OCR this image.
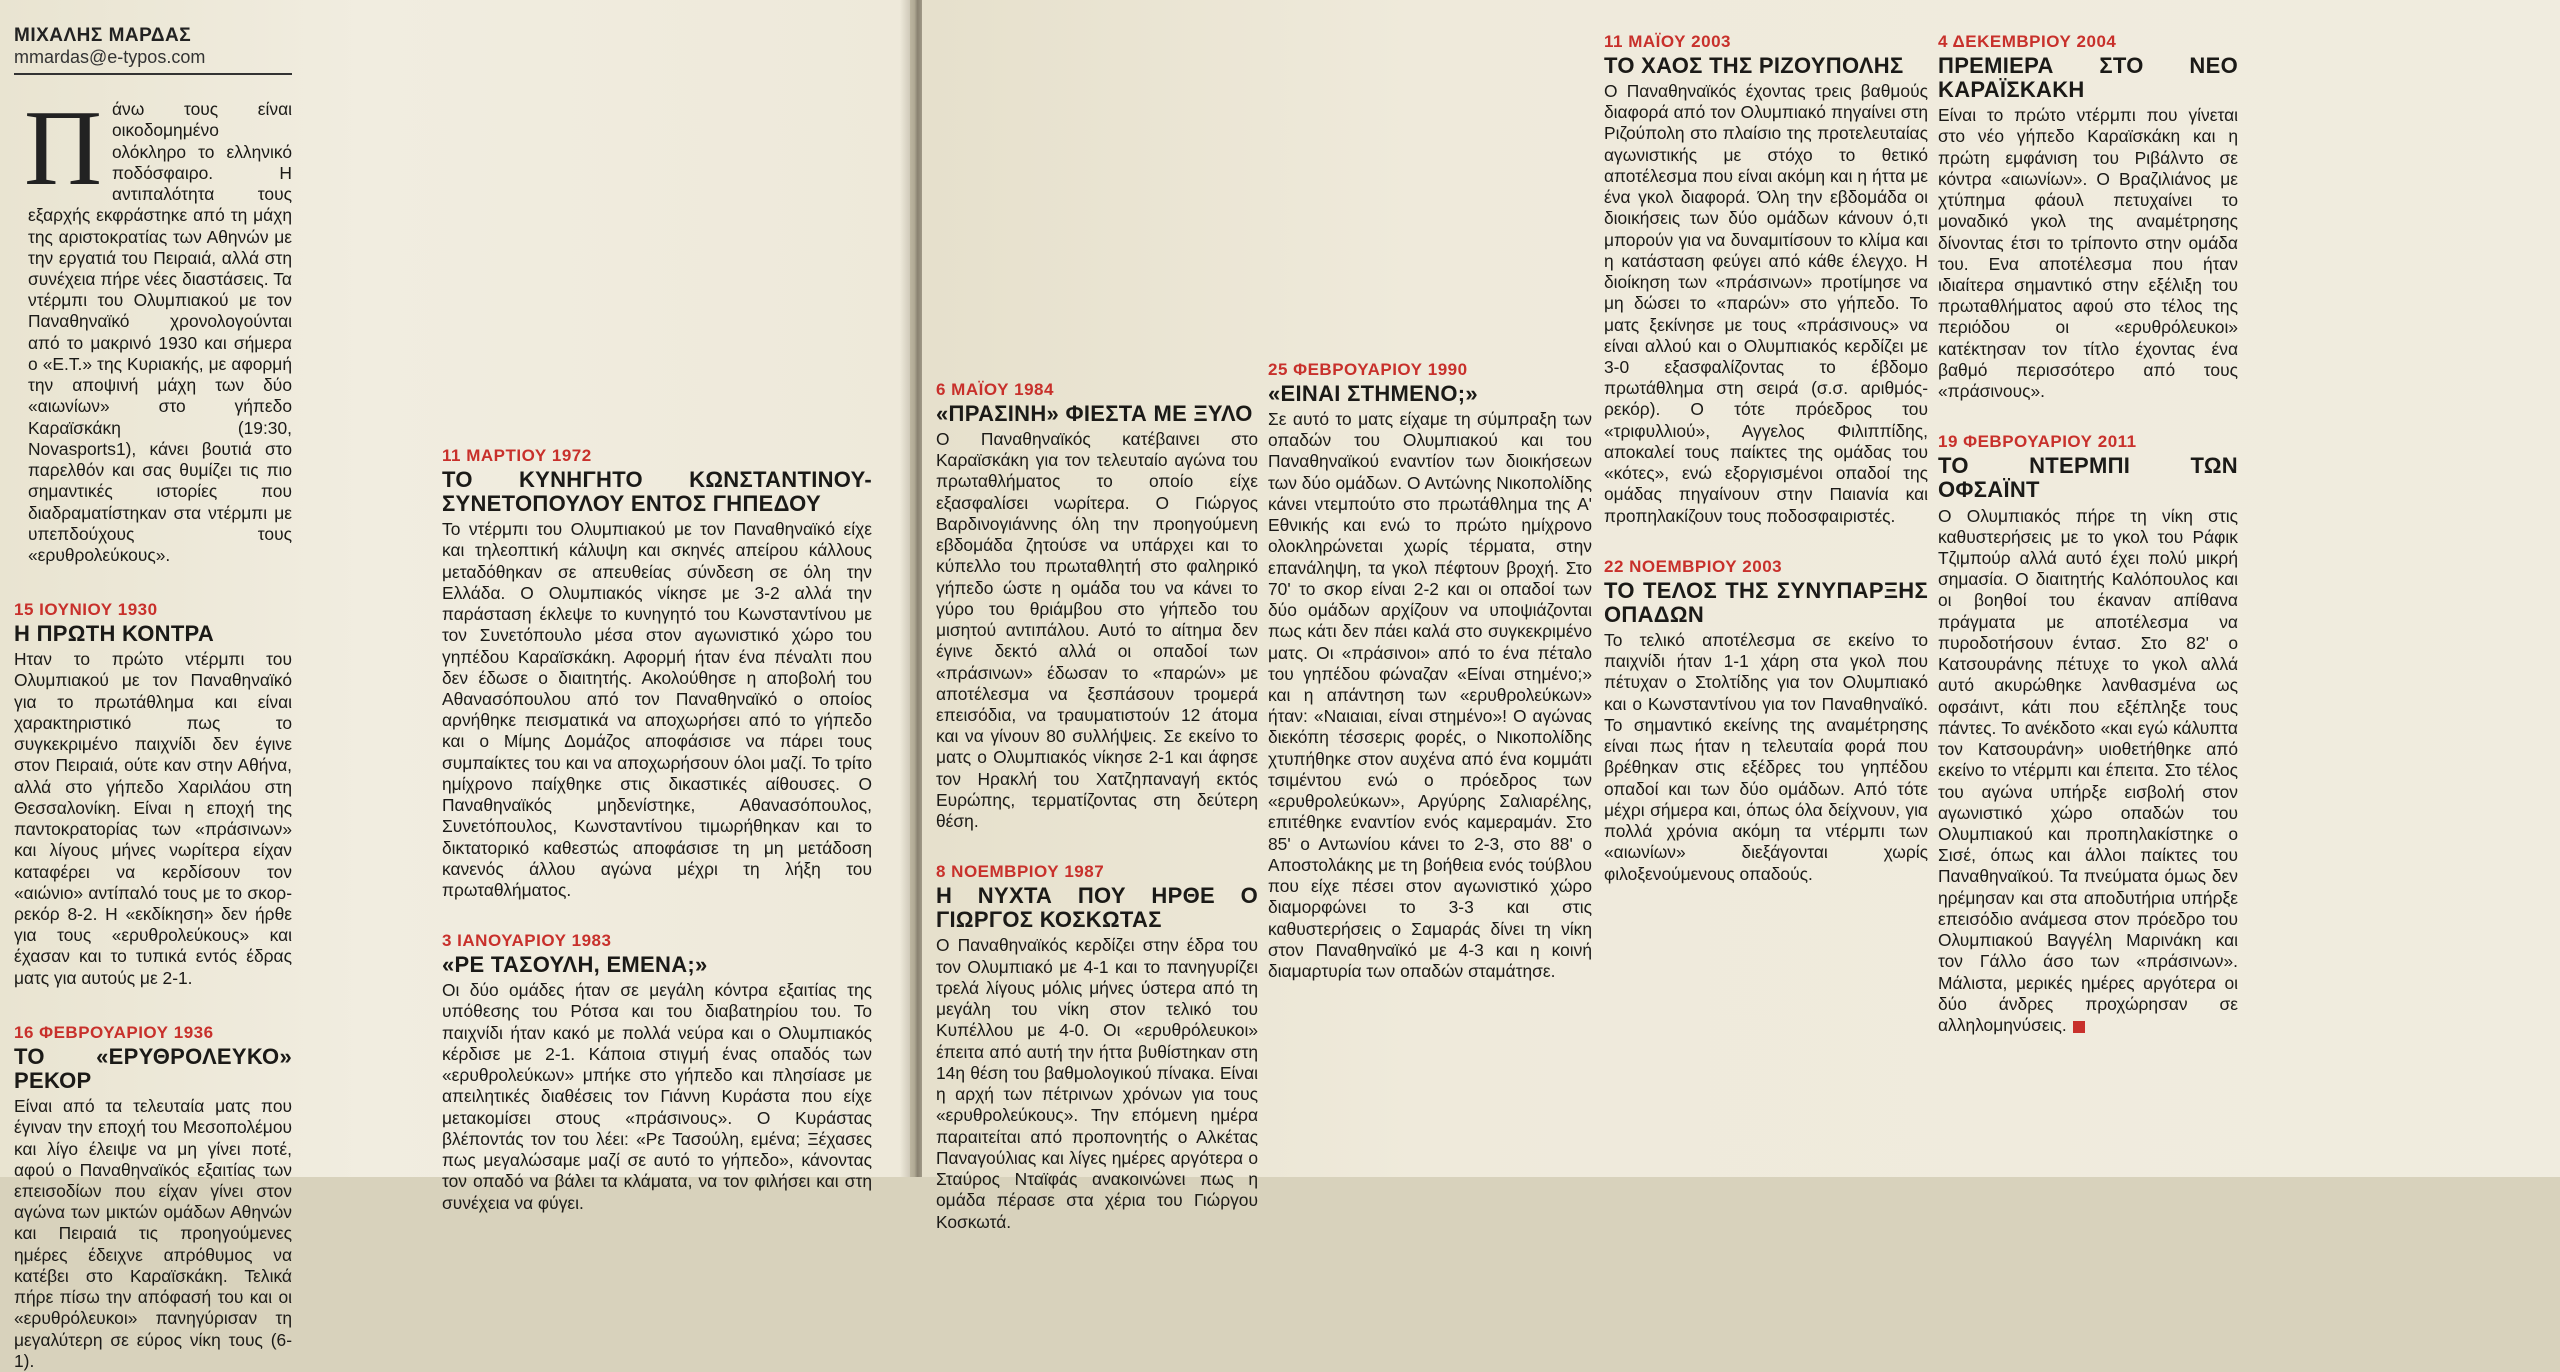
ΜΙΧΑΛΗΣ ΜΑΡΔΑΣ
mmardas@e-typos.com
Π άνω τους είναι οικοδομημένο ολόκληρο το ελληνικό ποδόσφαιρο. Η αντιπαλότητα τους εξαρχής εκφράστηκε από τη μάχη της αριστοκρατίας των Αθηνών με την εργατιά του Πειραιά, αλλά στη συνέχεια πήρε νέες διαστάσεις. Τα ντέρμπι του Ολυμπιακού με τον Παναθηναϊκό χρονολογούνται από το μακρινό 1930 και σήμερα ο «Ε.Τ.» της Κυριακής, με αφορμή την αποψινή μάχη των δύο «αιωνίων» στο γήπεδο Καραϊσκάκη (19:30, Novasports1), κάνει βουτιά στο παρελθόν και σας θυμίζει τις πιο σημαντικές ιστορίες που διαδραματίστηκαν στα ντέρμπι με υπεπδούχους τους «ερυθρολεύκους».

15 ΙΟΥΝΙΟΥ 1930
Η ΠΡΩΤΗ ΚΟΝΤΡΑ

Ηταν το πρώτο ντέρμπι του Ολυμπιακού με τον Παναθηναϊκό για το πρωτάθλημα και είναι χαρακτηριστικό πως το συγκεκριμένο παιχνίδι δεν έγινε στον Πειραιά, ούτε καν στην Αθήνα, αλλά στο γήπεδο Χαριλάου στη Θεσσαλονίκη. Είναι η εποχή της παντοκρατορίας των «πράσινων» και λίγους μήνες νωρίτερα είχαν καταφέρει να κερδίσουν τον «αιώνιο» αντίπαλό τους με το σκορ-ρεκόρ 8-2. Η «εκδίκηση» δεν ήρθε για τους «ερυθρολεύκους» και έχασαν και το τυπικά εντός έδρας ματς για αυτούς με 2-1.

16 ΦΕΒΡΟΥΑΡΙΟΥ 1936
ΤΟ «ΕΡΥΘΡΟΛΕΥΚΟ» ΡΕΚΟΡ

Είναι από τα τελευταία ματς που έγιναν την εποχή του Μεσοπολέμου και λίγο έλειψε να μη γίνει ποτέ, αφού ο Παναθηναϊκός εξαιτίας των επεισοδίων που είχαν γίνει στον αγώνα των μικτών ομάδων Αθηνών και Πειραιά τις προηγούμενες ημέρες έδειχνε απρόθυμος να κατέβει στο Καραϊσκάκη. Τελικά πήρε πίσω την απόφασή του και οι «ερυθρόλευκοι» πανηγύρισαν τη μεγαλύτερη σε εύρος νίκη τους (6-1).

11 ΜΑΡΤΙΟΥ 1972
ΤΟ ΚΥΝΗΓΗΤΟ ΚΩΝΣΤΑΝΤΙΝΟΥ-ΣΥΝΕΤΟΠΟΥΛΟΥ ΕΝΤΟΣ ΓΗΠΕΔΟΥ

Το ντέρμπι του Ολυμπιακού με τον Παναθηναϊκό είχε και τηλεοπτική κάλυψη και σκηνές απείρου κάλλους μεταδόθηκαν σε απευθείας σύνδεση σε όλη την Ελλάδα. Ο Ολυμπιακός νίκησε με 3-2 αλλά την παράσταση έκλεψε το κυνηγητό του Κωνσταντίνου με τον Συνετόπουλο μέσα στον αγωνιστικό χώρο του γηπέδου Καραϊσκάκη. Αφορμή ήταν ένα πέναλτι που δεν έδωσε ο διαιτητής. Ακολούθησε η αποβολή του Αθανασόπουλου από τον Παναθηναϊκό ο οποίος αρνήθηκε πεισματικά να αποχωρήσει από το γήπεδο και ο Μίμης Δομάζος αποφάσισε να πάρει τους συμπαίκτες του και να αποχωρήσουν όλοι μαζί. Το τρίτο ημίχρονο παίχθηκε στις δικαστικές αίθουσες. Ο Παναθηναϊκός μηδενίστηκε, Αθανασόπουλος, Συνετόπουλος, Κωνσταντίνου τιμωρήθηκαν και το δικτατορικό καθεστώς αποφάσισε τη μη μετάδοση κανενός άλλου αγώνα μέχρι τη λήξη του πρωταθλήματος.

3 ΙΑΝΟΥΑΡΙΟΥ 1983
«ΡΕ ΤΑΣΟΥΛΗ, ΕΜΕΝΑ;»

Οι δύο ομάδες ήταν σε μεγάλη κόντρα εξαιτίας της υπόθεσης του Ρότσα και του διαβατηρίου του. Το παιχνίδι ήταν κακό με πολλά νεύρα και ο Ολυμπιακός κέρδισε με 2-1. Κάποια στιγμή ένας οπαδός των «ερυθρολεύκων» μπήκε στο γήπεδο και πλησίασε με απειλητικές διαθέσεις τον Γιάννη Κυράστα που είχε μετακομίσει στους «πράσινους». Ο Κυράστας βλέποντάς τον του λέει: «Ρε Τασούλη, εμένα; Ξέχασες πως μεγαλώσαμε μαζί σε αυτό το γήπεδο», κάνοντας τον οπαδό να βάλει τα κλάματα, να τον φιλήσει και στη συνέχεια να φύγει.

6 ΜΑΪΟΥ 1984
«ΠΡΑΣΙΝΗ» ΦΙΕΣΤΑ ΜΕ ΞΥΛΟ

Ο Παναθηναϊκός κατέβαινει στο Καραϊσκάκη για τον τελευταίο αγώνα του πρωταθλήματος το οποίο είχε εξασφαλίσει νωρίτερα. Ο Γιώργος Βαρδινογιάννης όλη την προηγούμενη εβδομάδα ζητούσε να υπάρχει και το κύπελλο του πρωταθλητή στο φαληρικό γήπεδο ώστε η ομάδα του να κάνει το γύρο του θριάμβου στο γήπεδο του μισητού αντιπάλου. Αυτό το αίτημα δεν έγινε δεκτό αλλά οι οπαδοί των «πράσινων» έδωσαν το «παρών» με αποτέλεσμα να ξεσπάσουν τρομερά επεισόδια, να τραυματιστούν 12 άτομα και να γίνουν 80 συλλήψεις. Σε εκείνο το ματς ο Ολυμπιακός νίκησε 2-1 και άφησε τον Ηρακλή του Χατζηπαναγή εκτός Ευρώπης, τερματίζοντας στη δεύτερη θέση.

8 ΝΟΕΜΒΡΙΟΥ 1987
Η ΝΥΧΤΑ ΠΟΥ ΗΡΘΕ Ο ΓΙΩΡΓΟΣ ΚΟΣΚΩΤΑΣ

Ο Παναθηναϊκός κερδίζει στην έδρα του τον Ολυμπιακό με 4-1 και το πανηγυρίζει τρελά λίγους μόλις μήνες ύστερα από τη μεγάλη του νίκη στον τελικό του Κυπέλλου με 4-0. Οι «ερυθρόλευκοι» έπειτα από αυτή την ήττα βυθίστηκαν στη 14η θέση του βαθμολογικού πίνακα. Είναι η αρχή των πέτρινων χρόνων για τους «ερυθρολεύκους». Την επόμενη ημέρα παραιτείται από προπονητής ο Αλκέτας Παναγούλιας και λίγες ημέρες αργότερα ο Σταύρος Νταϊφάς ανακοινώνει πως η ομάδα πέρασε στα χέρια του Γιώργου Κοσκωτά.

25 ΦΕΒΡΟΥΑΡΙΟΥ 1990
«ΕΙΝΑΙ ΣΤΗΜΕΝΟ;»

Σε αυτό το ματς είχαμε τη σύμπραξη των οπαδών του Ολυμπιακού και του Παναθηναϊκού εναντίον των διοικήσεων των δύο ομάδων. Ο Αντώνης Νικοπολίδης κάνει ντεμπούτο στο πρωτάθλημα της Α' Εθνικής και ενώ το πρώτο ημίχρονο ολοκληρώνεται χωρίς τέρματα, στην επανάληψη, τα γκολ πέφτουν βροχή. Στο 70' το σκορ είναι 2-2 και οι οπαδοί των δύο ομάδων αρχίζουν να υποψιάζονται πως κάτι δεν πάει καλά στο συγκεκριμένο ματς. Οι «πράσινοι» από το ένα πέταλο του γηπέδου φώναζαν «Είναι στημένο;» και η απάντηση των «ερυθρολεύκων» ήταν: «Ναιαιαι, είναι στημένο»! Ο αγώνας διεκόπη τέσσερις φορές, ο Νικοπολίδης χτυπήθηκε στον αυχένα από ένα κομμάτι τσιμέντου ενώ ο πρόεδρος των «ερυθρολεύκων», Αργύρης Σαλιαρέλης, επιτέθηκε εναντίον ενός καμεραμάν. Στο 85' ο Αντωνίου κάνει το 2-3, στο 88' ο Αποστολάκης με τη βοήθεια ενός τούβλου που είχε πέσει στον αγωνιστικό χώρο διαμορφώνει το 3-3 και στις καθυστερήσεις ο Σαμαράς δίνει τη νίκη στον Παναθηναϊκό με 4-3 και η κοινή διαμαρτυρία των οπαδών σταμάτησε.

11 ΜΑΪΟΥ 2003
ΤΟ ΧΑΟΣ ΤΗΣ ΡΙΖΟΥΠΟΛΗΣ

Ο Παναθηναϊκός έχοντας τρεις βαθμούς διαφορά από τον Ολυμπιακό πηγαίνει στη Ριζούπολη στο πλαίσιο της προτελευταίας αγωνιστικής με στόχο το θετικό αποτέλεσμα που είναι ακόμη και η ήττα με ένα γκολ διαφορά. Όλη την εβδομάδα οι διοικήσεις των δύο ομάδων κάνουν ό,τι μπορούν για να δυναμιτίσουν το κλίμα και η κατάσταση φεύγει από κάθε έλεγχο. Η διοίκηση των «πράσινων» προτίμησε να μη δώσει το «παρών» στο γήπεδο. Το ματς ξεκίνησε με τους «πράσινους» να είναι αλλού και ο Ολυμπιακός κερδίζει με 3-0 εξασφαλίζοντας το έβδομο πρωτάθλημα στη σειρά (σ.σ. αριθμός-ρεκόρ). Ο τότε πρόεδρος του «τριφυλλιού», Αγγελος Φιλιππίδης, αποκαλεί τους παίκτες της ομάδας του «κότες», ενώ εξοργισμένοι οπαδοί της ομάδας πηγαίνουν στην Παιανία και προπηλακίζουν τους ποδοσφαιριστές.

22 ΝΟΕΜΒΡΙΟΥ 2003
ΤΟ ΤΕΛΟΣ ΤΗΣ ΣΥΝΥΠΑΡΞΗΣ ΟΠΑΔΩΝ

Το τελικό αποτέλεσμα σε εκείνο το παιχνίδι ήταν 1-1 χάρη στα γκολ που πέτυχαν ο Στολτίδης για τον Ολυμπιακό και ο Κωνσταντίνου για τον Παναθηναϊκό. Το σημαντικό εκείνης της αναμέτρησης είναι πως ήταν η τελευταία φορά που βρέθηκαν στις εξέδρες του γηπέδου οπαδοί και των δύο ομάδων. Από τότε μέχρι σήμερα και, όπως όλα δείχνουν, για πολλά χρόνια ακόμη τα ντέρμπι των «αιωνίων» διεξάγονται χωρίς φιλοξενούμενους οπαδούς.

4 ΔΕΚΕΜΒΡΙΟΥ 2004
ΠΡΕΜΙΕΡΑ ΣΤΟ ΝΕΟ ΚΑΡΑΪΣΚΑΚΗ

Είναι το πρώτο ντέρμπι που γίνεται στο νέο γήπεδο Καραϊσκάκη και η πρώτη εμφάνιση του Ριβάλντο σε κόντρα «αιωνίων». Ο Βραζιλιάνος με χτύπημα φάουλ πετυχαίνει το μοναδικό γκολ της αναμέτρησης δίνοντας έτσι το τρίποντο στην ομάδα του. Ενα αποτέλεσμα που ήταν ιδιαίτερα σημαντικό στην εξέλιξη του πρωταθλήματος αφού στο τέλος της περιόδου οι «ερυθρόλευκοι» κατέκτησαν τον τίτλο έχοντας ένα βαθμό περισσότερο από τους «πράσινους».

19 ΦΕΒΡΟΥΑΡΙΟΥ 2011
ΤΟ ΝΤΕΡΜΠΙ ΤΩΝ ΟΦΣΑΪΝΤ

Ο Ολυμπιακός πήρε τη νίκη στις καθυστερήσεις με το γκολ του Ράφικ Τζιμπούρ αλλά αυτό έχει πολύ μικρή σημασία. Ο διαιτητής Καλόπουλος και οι βοηθοί του έκαναν απίθανα πράγματα με αποτέλεσμα να πυροδοτήσουν έντασ. Στο 82' ο Κατσουράνης πέτυχε το γκολ αλλά αυτό ακυρώθηκε λανθασμένα ως οφσάιντ, κάτι που εξέπληξε τους πάντες. Το ανέκδοτο «και εγώ κάλυπτα τον Κατσουράνη» υιοθετήθηκε από εκείνο το ντέρμπι και έπειτα. Στο τέλος του αγώνα υπήρξε εισβολή στον αγωνιστικό χώρο οπαδών του Ολυμπιακού και προπηλακίστηκε ο Σισέ, όπως και άλλοι παίκτες του Παναθηναϊκού. Τα πνεύματα όμως δεν ηρέμησαν και στα αποδυτήρια υπήρξε επεισόδιο ανάμεσα στον πρόεδρο του Ολυμπιακού Βαγγέλη Μαρινάκη και τον Γάλλο άσο των «πράσινων». Μάλιστα, μερικές ημέρες αργότερα οι δύο άνδρες προχώρησαν σε αλληλομηνύσεις.
